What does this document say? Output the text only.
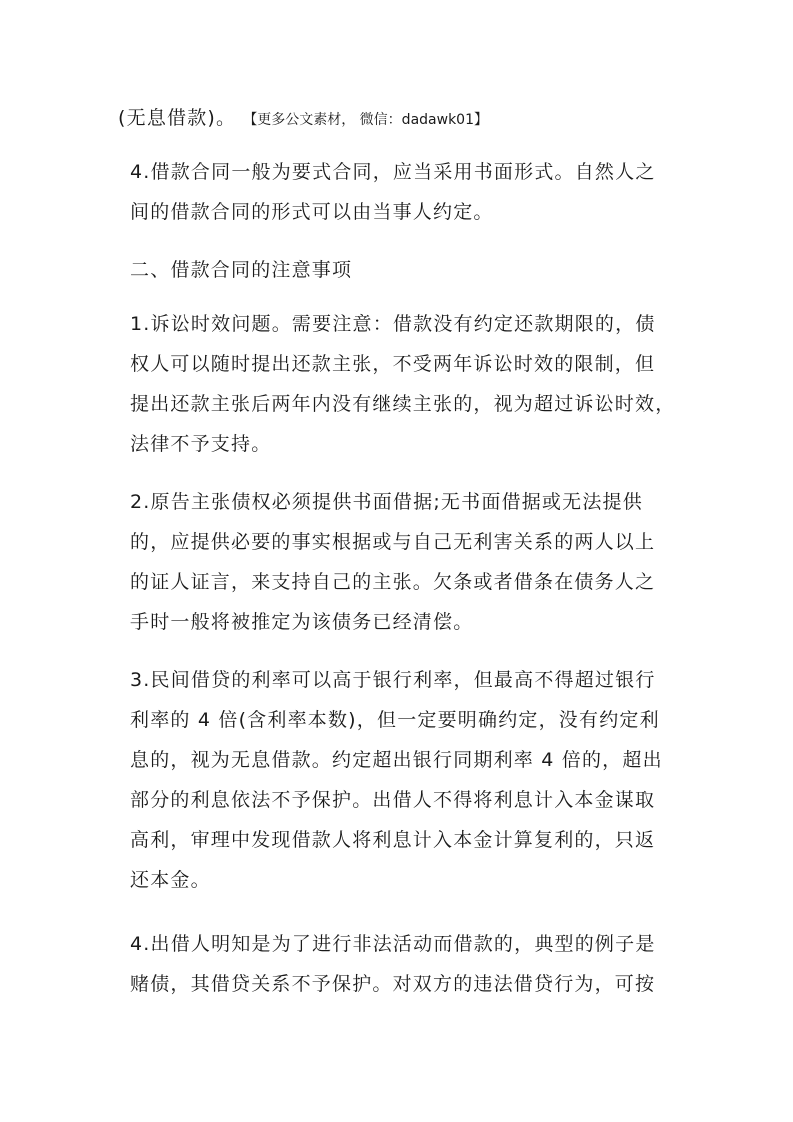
(无息借款)。 【更多公文素材， 微信：dadawk01】

4.借款合同一般为要式合同，应当采用书面形式。自然人之
间的借款合同的形式可以由当事人约定。

二、借款合同的注意事项

1.诉讼时效问题。需要注意：借款没有约定还款期限的，债
权人可以随时提出还款主张，不受两年诉讼时效的限制，但
提出还款主张后两年内没有继续主张的，视为超过诉讼时效，
法律不予支持。

2.原告主张债权必须提供书面借据;无书面借据或无法提供
的，应提供必要的事实根据或与自己无利害关系的两人以上
的证人证言，来支持自己的主张。欠条或者借条在债务人之
手时一般将被推定为该债务已经清偿。

3.民间借贷的利率可以高于银行利率，但最高不得超过银行
利率的 4 倍(含利率本数)，但一定要明确约定，没有约定利
息的，视为无息借款。约定超出银行同期利率 4 倍的，超出
部分的利息依法不予保护。出借人不得将利息计入本金谋取
高利，审理中发现借款人将利息计入本金计算复利的，只返
还本金。

4.出借人明知是为了进行非法活动而借款的，典型的例子是
赌债，其借贷关系不予保护。对双方的违法借贷行为，可按
